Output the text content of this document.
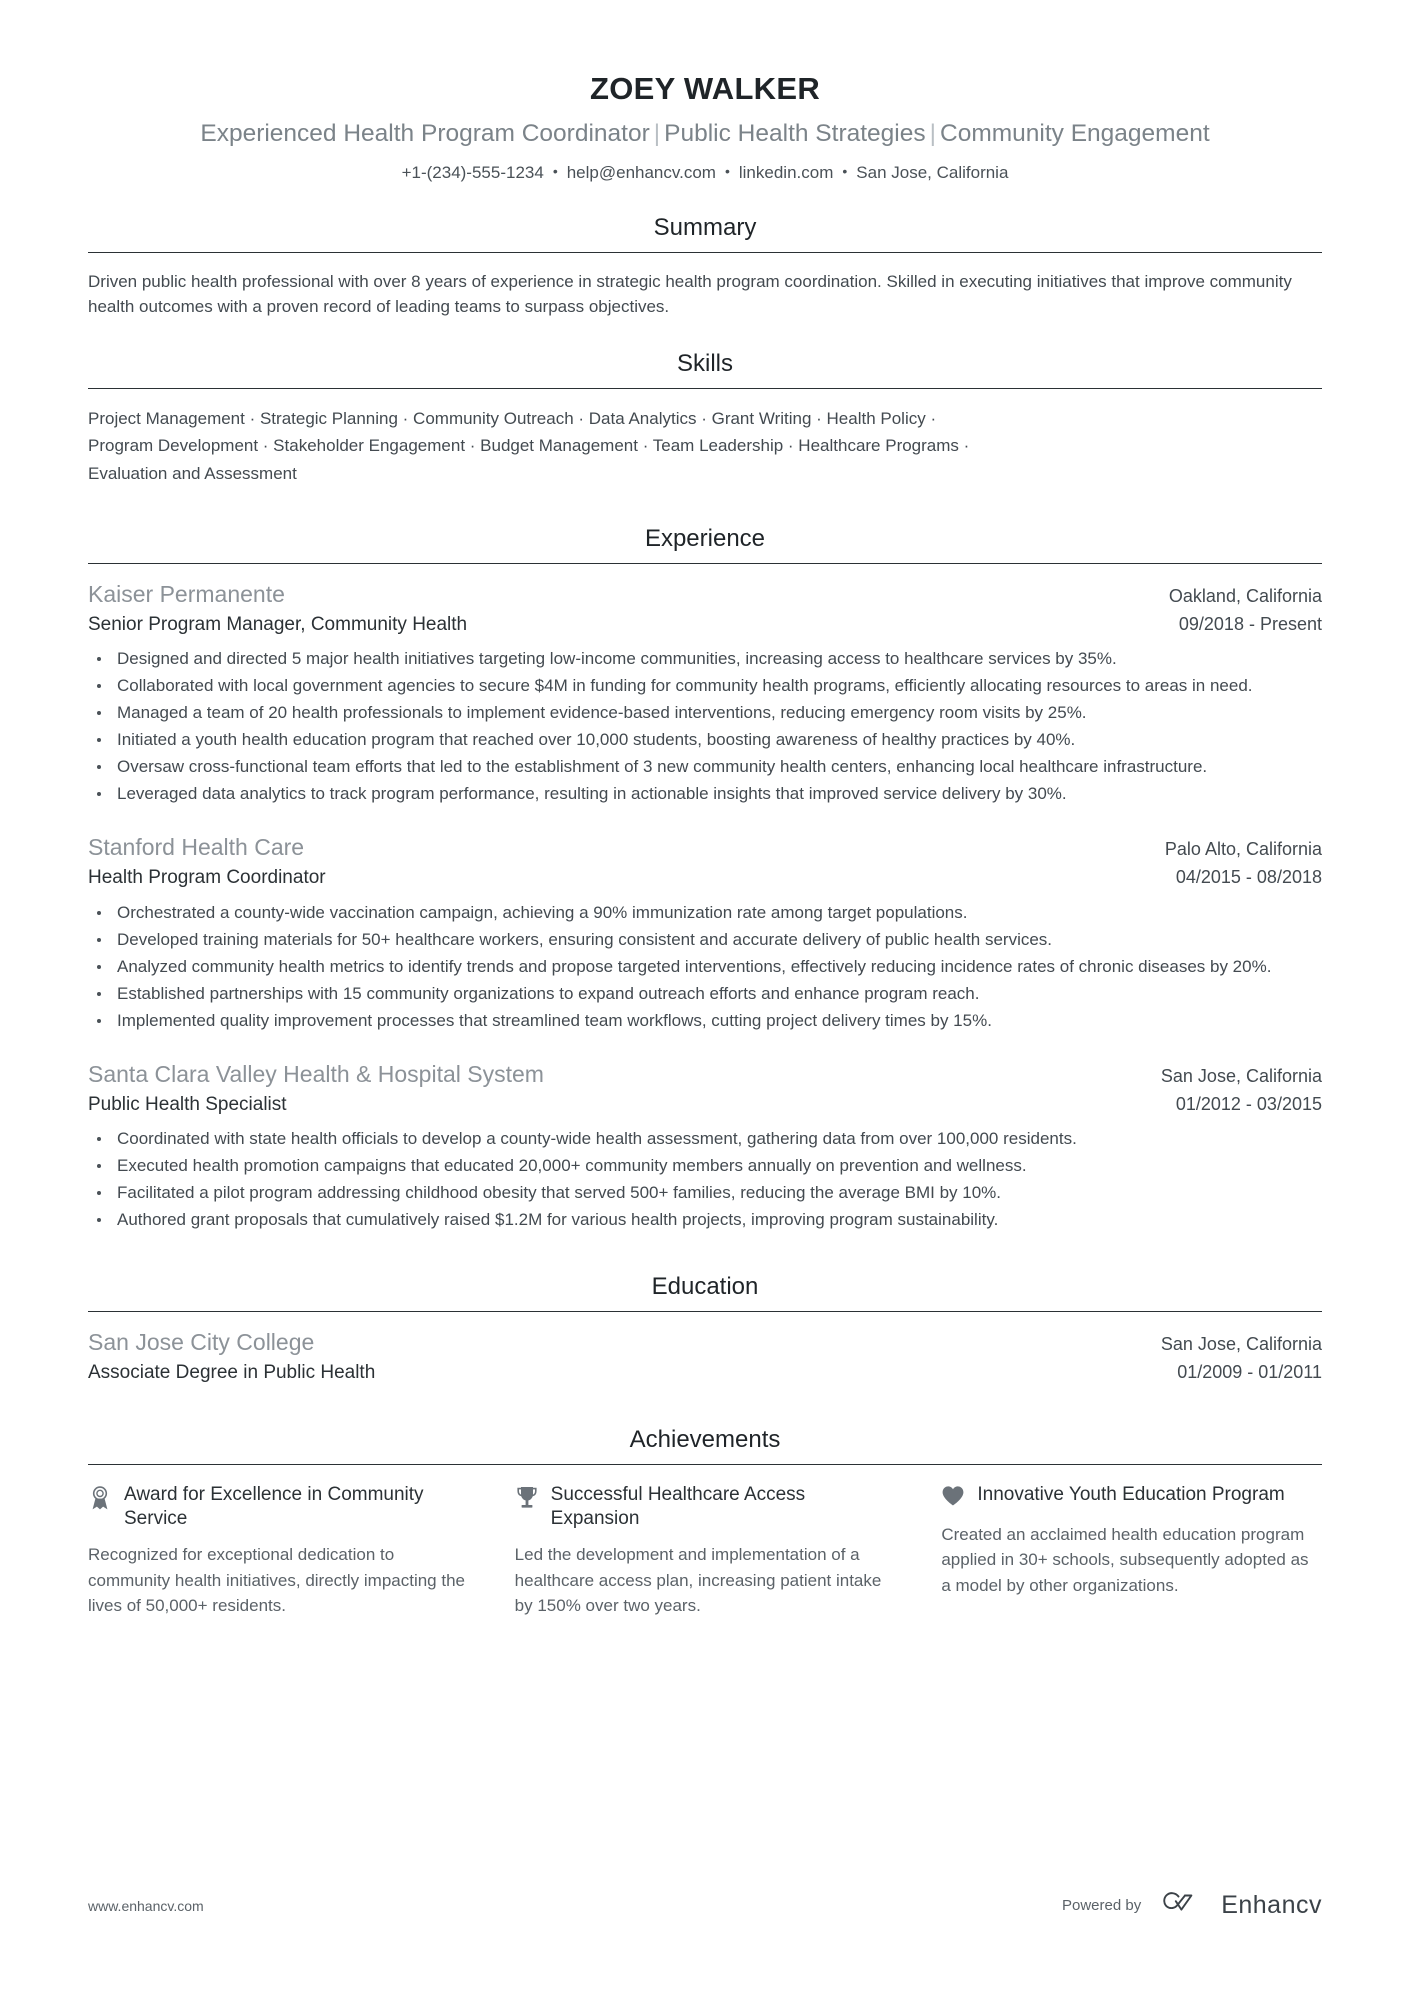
ZOEY WALKER
Experienced Health Program Coordinator | Public Health Strategies | Community Engagement
+1-(234)-555-1234 • help@enhancv.com • linkedin.com • San Jose, California
Summary
Driven public health professional with over 8 years of experience in strategic health program coordination. Skilled in executing initiatives that improve community health outcomes with a proven record of leading teams to surpass objectives.
Skills
Project Management · Strategic Planning · Community Outreach · Data Analytics · Grant Writing · Health Policy ·
Program Development · Stakeholder Engagement · Budget Management · Team Leadership · Healthcare Programs ·
Evaluation and Assessment
Experience
Kaiser Permanente	Oakland, California
Senior Program Manager, Community Health	09/2018 - Present
Designed and directed 5 major health initiatives targeting low-income communities, increasing access to healthcare services by 35%.
Collaborated with local government agencies to secure $4M in funding for community health programs, efficiently allocating resources to areas in need.
Managed a team of 20 health professionals to implement evidence-based interventions, reducing emergency room visits by 25%.
Initiated a youth health education program that reached over 10,000 students, boosting awareness of healthy practices by 40%.
Oversaw cross-functional team efforts that led to the establishment of 3 new community health centers, enhancing local healthcare infrastructure.
Leveraged data analytics to track program performance, resulting in actionable insights that improved service delivery by 30%.
Stanford Health Care	Palo Alto, California
Health Program Coordinator	04/2015 - 08/2018
Orchestrated a county-wide vaccination campaign, achieving a 90% immunization rate among target populations.
Developed training materials for 50+ healthcare workers, ensuring consistent and accurate delivery of public health services.
Analyzed community health metrics to identify trends and propose targeted interventions, effectively reducing incidence rates of chronic diseases by 20%.
Established partnerships with 15 community organizations to expand outreach efforts and enhance program reach.
Implemented quality improvement processes that streamlined team workflows, cutting project delivery times by 15%.
Santa Clara Valley Health & Hospital System	San Jose, California
Public Health Specialist	01/2012 - 03/2015
Coordinated with state health officials to develop a county-wide health assessment, gathering data from over 100,000 residents.
Executed health promotion campaigns that educated 20,000+ community members annually on prevention and wellness.
Facilitated a pilot program addressing childhood obesity that served 500+ families, reducing the average BMI by 10%.
Authored grant proposals that cumulatively raised $1.2M for various health projects, improving program sustainability.
Education
San Jose City College	San Jose, California
Associate Degree in Public Health	01/2009 - 01/2011
Achievements
Award for Excellence in Community Service
Recognized for exceptional dedication to community health initiatives, directly impacting the lives of 50,000+ residents.
Successful Healthcare Access Expansion
Led the development and implementation of a healthcare access plan, increasing patient intake by 150% over two years.
Innovative Youth Education Program
Created an acclaimed health education program applied in 30+ schools, subsequently adopted as a model by other organizations.
www.enhancv.com	Powered by	Enhancv
